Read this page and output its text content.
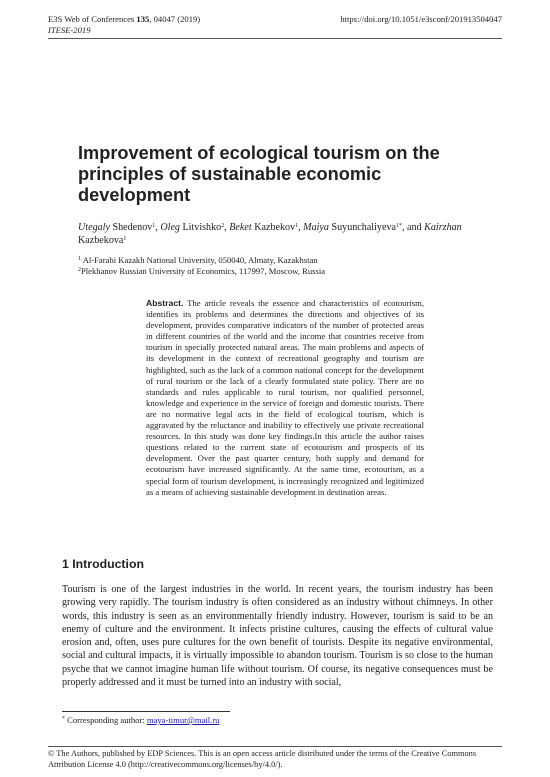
E3S Web of Conferences 135, 04047 (2019)	https://doi.org/10.1051/e3sconf/201913504047
ITESE-2019
Improvement of ecological tourism on the principles of sustainable economic development
Utegaly Shedenov$^1$, Oleg Litvishko$^2$, Beket Kazbekov$^1$, Maiya Suyunchaliyeva$^{1*}$, and Kairzhan Kazbekova$^1$
$^1$ Al-Farabi Kazakh National University, 050040, Almaty, Kazakhstan
$^2$Plekhanov Russian University of Economics, 117997, Moscow, Russia
Abstract. The article reveals the essence and characteristics of ecotourism, identifies its problems and determines the directions and objectives of its development, provides comparative indicators of the number of protected areas in different countries of the world and the income that countries receive from tourism in specially protected natural areas. The main problems and aspects of its development in the context of recreational geography and tourism are highlighted, such as the lack of a common national concept for the development of rural tourism or the lack of a clearly formulated state policy. There are no standards and rules applicable to rural tourism, nor qualified personnel, knowledge and experience in the service of foreign and domestic tourists. There are no normative legal acts in the field of ecological tourism, which is aggravated by the reluctance and inability to effectively use private recreational resources. In this study was done key findings.In this article the author raises questions related to the current state of ecotourism and prospects of its development. Over the past quarter century, both supply and demand for ecotourism have increased significantly. At the same time, ecotourism, as a special form of tourism development, is increasingly recognized and legitimized as a means of achieving sustainable development in destination areas.
1 Introduction
Tourism is one of the largest industries in the world. In recent years, the tourism industry has been growing very rapidly. The tourism industry is often considered as an industry without chimneys. In other words, this industry is seen as an environmentally friendly industry. However, tourism is said to be an enemy of culture and the environment. It infects pristine cultures, causing the effects of cultural value erosion and, often, uses pure cultures for the own benefit of tourists. Despite its negative environmental, social and cultural impacts, it is virtually impossible to abandon tourism. Tourism is so close to the human psyche that we cannot imagine human life without tourism. Of course, its negative consequences must be properly addressed and it must be turned into an industry with social,
* Corresponding author: maya-timur@mail.ru
© The Authors, published by EDP Sciences. This is an open access article distributed under the terms of the Creative Commons
Attribution License 4.0 (http://creativecommons.org/licenses/by/4.0/).
